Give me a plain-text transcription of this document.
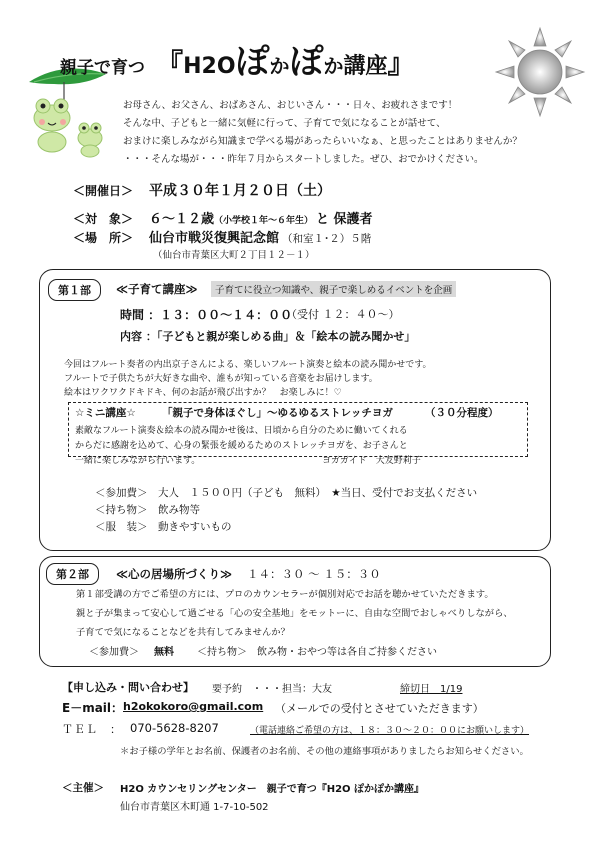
親子で育つ 『H2Oぽかぽか講座』
お母さん、お父さん、おばあさん、おじいさん・・・日々、お疲れさまです！
そんな中、子どもと一緒に気軽に行って、子育てで気になることが話せて、
おまけに楽しみながら知識まで学べる場があったらいいなぁ、と思ったことはありませんか？
・・・そんな場が・・・昨年７月からスタートしました。ぜひ、おでかけください。
＜開催日＞ 平成３０年１月２０日（土）
＜対　象＞ ６～１２歳（小学校１年～６年生） と 保護者
＜場　所＞ 仙台市戦災復興記念館 （和室１･２）５階
（仙台市青葉区大町２丁目１２－１）
第１部	≪子育て講座≫	子育てに役立つ知識や、親子で楽しめるイベントを企画
時間 ：１３：００～１４：００
（受付 １２：４０～）
内容 ：「子どもと親が楽しめる曲」＆「絵本の読み聞かせ」
今回はフルート奏者の内出京子さんによる、楽しいフルート演奏と絵本の読み聞かせです。
フルートで子供たちが大好きな曲や、誰もが知っている音楽をお届けします。
絵本はワクワクドキドキ、何のお話が飛び出すか？　お楽しみに！♡
☆ミニ講座☆ 「親子で身体ほぐし」～ゆるゆるストレッチヨガ	（３０分程度）
素敵なフルート演奏＆絵本の読み聞かせ後は、日頃から自分のために働いてくれる
からだに感謝を込めて、心身の緊張を緩めるためのストレッチヨガを、お子さんと
一緒に楽しみながら行います。	ヨガガイド　大友野莉子
＜参加費＞　大人　１５００円（子ども　無料）　★当日、受付でお支払ください
＜持ち物＞　飲み物等
＜服　装＞　動きやすいもの
第２部	≪心の居場所づくり≫ １４：３０ ～ １５：３０
第１部受講の方でご希望の方には、プロのカウンセラーが個別対応でお話を聴かせていただきます。
親と子が集まって安心して過ごせる「心の安全基地」をモットーに、自由な空間でおしゃべりしながら、
子育てで気になることなどを共有してみませんか？
＜参加費＞ 無料 ＜持ち物＞　飲み物・おやつ等は各自ご持参ください
【申し込み・問い合わせ】 要予約　・・・担当：大友	締切日　1/19
E－mail： h2okokoro@gmail.com （メールでの受付とさせていただきます）
ＴＥＬ　： 070-5628-8207	（電話連絡ご希望の方は、１８：３０～２０：００にお願いします）
＊お子様の学年とお名前、保護者のお名前、その他の連絡事項がありましたらお知らせください。
＜主催＞ H2O カウンセリングセンター　親子で育つ『H2O ぽかぽか講座』
仙台市青葉区木町通 1-7-10-502
